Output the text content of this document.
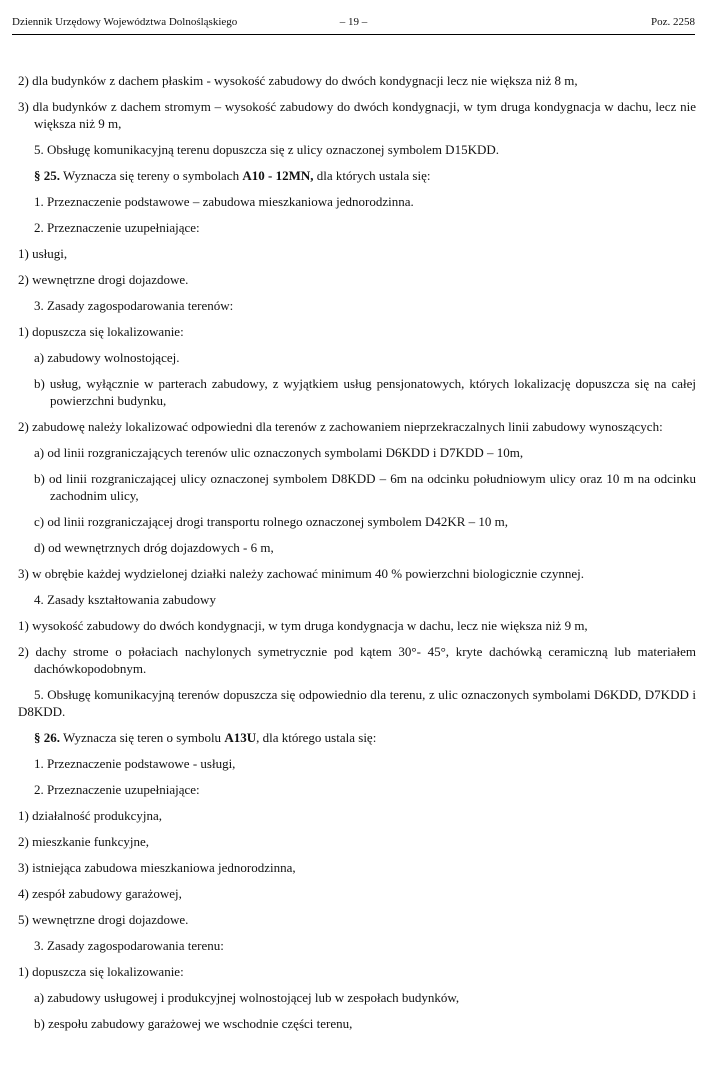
Dziennik Urzędowy Województwa Dolnośląskiego	– 19 –	Poz. 2258
2) dla budynków z dachem płaskim - wysokość zabudowy do dwóch kondygnacji lecz nie większa niż 8 m,
3) dla budynków z dachem stromym – wysokość zabudowy do dwóch kondygnacji, w tym druga kondygnacja w dachu, lecz nie większa niż 9 m,
5. Obsługę komunikacyjną terenu dopuszcza się z ulicy oznaczonej symbolem D15KDD.
§ 25. Wyznacza się tereny o symbolach A10 - 12MN, dla których ustala się:
1. Przeznaczenie podstawowe – zabudowa mieszkaniowa jednorodzinna.
2. Przeznaczenie uzupełniające:
1) usługi,
2) wewnętrzne drogi dojazdowe.
3. Zasady zagospodarowania terenów:
1) dopuszcza się lokalizowanie:
a) zabudowy wolnostojącej.
b) usług, wyłącznie w parterach zabudowy, z wyjątkiem usług pensjonatowych, których lokalizację dopuszcza się na całej powierzchni budynku,
2) zabudowę należy lokalizować odpowiedni dla terenów z zachowaniem nieprzekraczalnych linii zabudowy wynoszących:
a) od linii rozgraniczających terenów ulic oznaczonych symbolami D6KDD i D7KDD – 10m,
b) od linii rozgraniczającej ulicy oznaczonej symbolem D8KDD – 6m na odcinku południowym ulicy oraz 10 m na odcinku zachodnim ulicy,
c) od linii rozgraniczającej drogi transportu rolnego oznaczonej symbolem D42KR – 10 m,
d) od wewnętrznych dróg dojazdowych - 6 m,
3) w obrębie każdej wydzielonej działki należy zachować minimum 40 % powierzchni biologicznie czynnej.
4. Zasady kształtowania zabudowy
1) wysokość zabudowy do dwóch kondygnacji, w tym druga kondygnacja w dachu, lecz nie większa niż 9 m,
2) dachy strome o połaciach nachylonych symetrycznie pod kątem 30°- 45°, kryte dachówką ceramiczną lub materiałem dachówkopodobnym.
5. Obsługę komunikacyjną terenów dopuszcza się odpowiednio dla terenu, z ulic oznaczonych symbolami D6KDD, D7KDD i D8KDD.
§ 26. Wyznacza się teren o symbolu A13U, dla którego ustala się:
1. Przeznaczenie podstawowe - usługi,
2. Przeznaczenie uzupełniające:
1) działalność produkcyjna,
2) mieszkanie funkcyjne,
3) istniejąca zabudowa mieszkaniowa jednorodzinna,
4) zespół zabudowy garażowej,
5) wewnętrzne drogi dojazdowe.
3. Zasady zagospodarowania terenu:
1) dopuszcza się lokalizowanie:
a) zabudowy usługowej i produkcyjnej wolnostojącej lub w zespołach budynków,
b) zespołu zabudowy garażowej we wschodnie części terenu,
